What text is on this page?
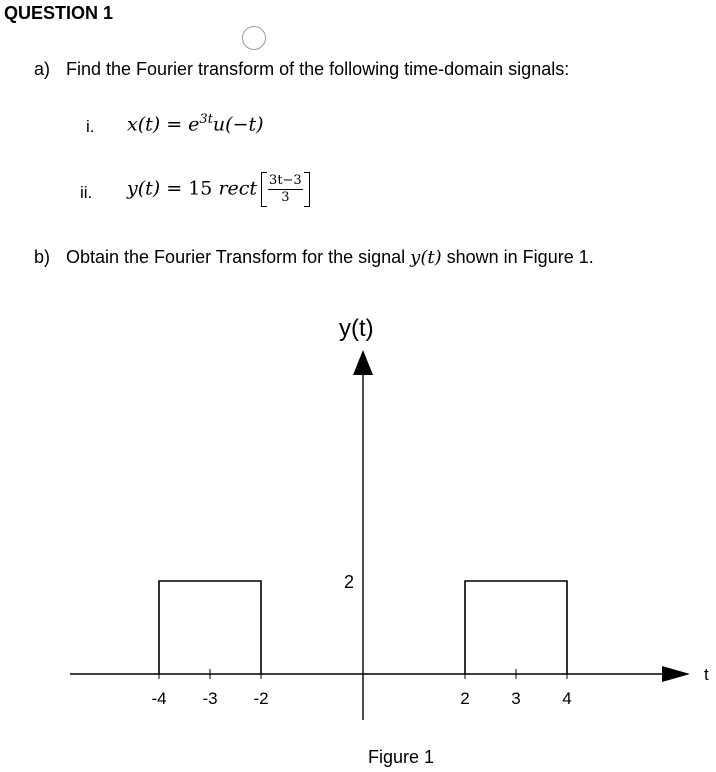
QUESTION 1
a) Find the Fourier transform of the following time-domain signals:
i. $x(t) = e^{3t}u(-t)$
ii. y(t) = 15 rect $\frac{3t-3}{3}$
b) Obtain the Fourier Transform for the signal y(t) shown in Figure 1.
y(t)
t
2
Figure 1
-4 -3 -2	2 3 4
